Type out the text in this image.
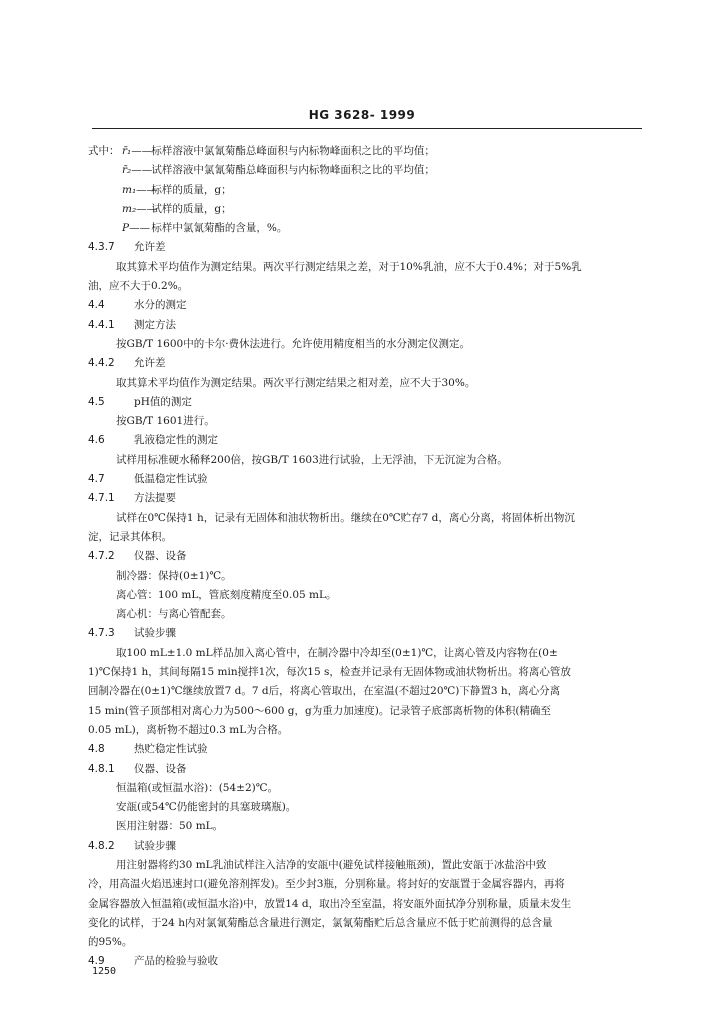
HG 3628- 1999
式中： r̄₁—— 标样溶液中氯氰菊酯总峰面积与内标物峰面积之比的平均值；
r̄₂—— 试样溶液中氯氰菊酯总峰面积与内标物峰面积之比的平均值；
m₁—— 标样的质量，g；
m₂—— 试样的质量，g；
P—— 标样中氯氰菊酯的含量，%。
4.3.7 允许差
取其算术平均值作为测定结果。两次平行测定结果之差，对于10%乳油，应不大于0.4%；对于5%乳
油，应不大于0.2%。
4.4	水分的测定
4.4.1 测定方法
按GB/T 1600中的卡尔·费休法进行。允许使用精度相当的水分测定仪测定。
4.4.2 允许差
取其算术平均值作为测定结果。两次平行测定结果之相对差，应不大于30%。
4.5	pH值的测定
按GB/T 1601进行。
4.6	乳液稳定性的测定
试样用标准硬水稀释200倍，按GB/T 1603进行试验，上无浮油，下无沉淀为合格。
4.7	低温稳定性试验
4.7.1 方法提要
试样在0℃保持1 h，记录有无固体和油状物析出。继续在0℃贮存7 d，离心分离，将固体析出物沉
淀，记录其体积。
4.7.2 仪器、设备
制冷器：保持(0±1)℃。
离心管：100 mL，管底刻度精度至0.05 mL。
离心机：与离心管配套。
4.7.3 试验步骤
取100 mL±1.0 mL样品加入离心管中，在制冷器中冷却至(0±1)℃，让离心管及内容物在(0±
1)℃保持1 h，其间每隔15 min搅拌1次，每次15 s，检查并记录有无固体物或油状物析出。将离心管放
回制冷器在(0±1)℃继续放置7 d。7 d后，将离心管取出，在室温(不超过20℃)下静置3 h，离心分离
15 min(管子顶部相对离心力为500～600 g，g为重力加速度)。记录管子底部离析物的体积(精确至
0.05 mL)，离析物不超过0.3 mL为合格。
4.8	热贮稳定性试验
4.8.1 仪器、设备
恒温箱(或恒温水浴)：(54±2)℃。
安瓿(或54℃仍能密封的具塞玻璃瓶)。
医用注射器：50 mL。
4.8.2 试验步骤
用注射器将约30 mL乳油试样注入洁净的安瓿中(避免试样接触瓶颈)，置此安瓿于冰盐浴中致
冷，用高温火焰迅速封口(避免溶剂挥发)。至少封3瓶，分别称量。将封好的安瓿置于金属容器内，再将
金属容器放入恒温箱(或恒温水浴)中，放置14 d，取出冷至室温，将安瓿外面拭净分别称量，质量未发生
变化的试样，于24 h内对氯氰菊酯总含量进行测定，氯氰菊酯贮后总含量应不低于贮前测得的总含量
的95%。
4.9	产品的检验与验收
1250
